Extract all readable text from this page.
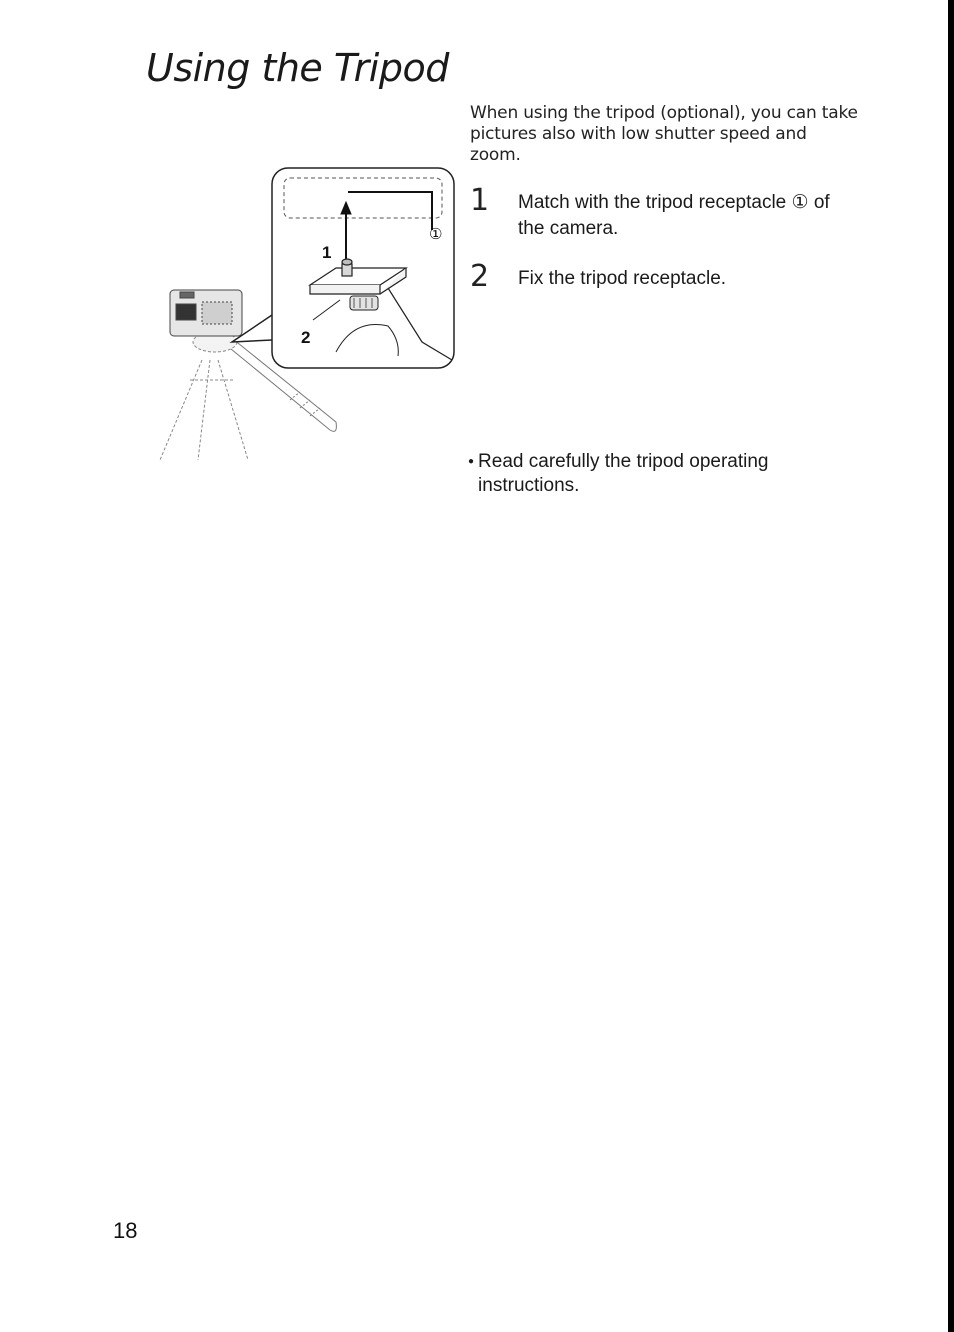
Using the Tripod

When using the tripod (optional), you can take pictures also with low shutter speed and zoom.

1 Match with the tripod receptacle ① of the camera.
2 Fix the tripod receptacle.
● Read carefully the tripod operating instructions.
1
2
①
18
